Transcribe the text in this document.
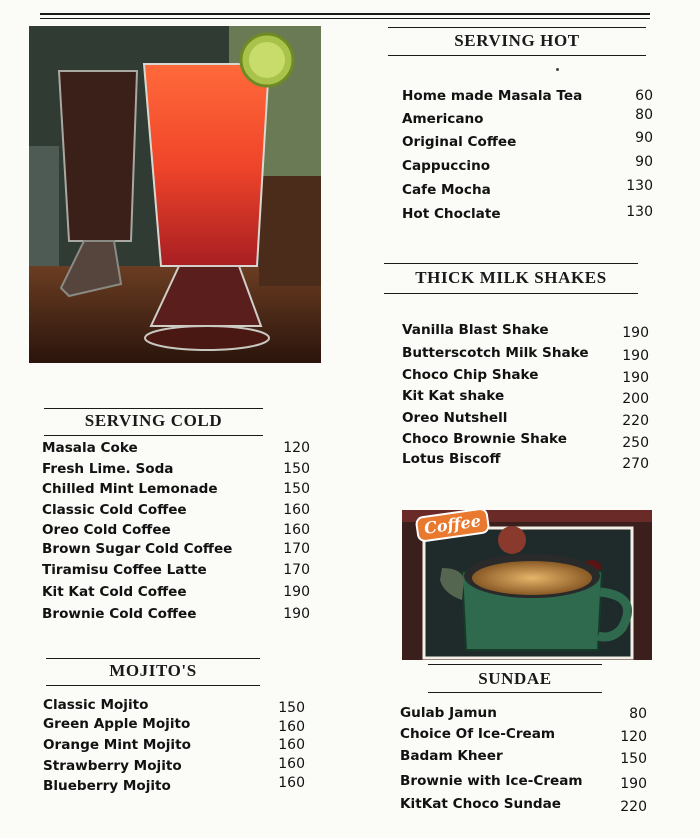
SERVING HOT
Home made Masala Tea	60
Americano	80
Original Coffee	90
Cappuccino	90
Cafe Mocha	130
Hot Choclate	130
THICK MILK SHAKES
Vanilla Blast Shake	190
Butterscotch Milk Shake 190
Choco Chip Shake	190
Kit Kat shake	200
Oreo Nutshell	220
Choco Brownie Shake	250
Lotus Biscoff	270
SERVING COLD
Masala Coke	120
Fresh Lime. Soda	150
Chilled Mint Lemonade	150
Classic Cold Coffee	160
Oreo Cold Coffee	160
Brown Sugar Cold Coffee	170
Tiramisu Coffee Latte	170
Kit Kat Cold Coffee	190
Brownie Cold Coffee	190
MOJITO'S
Classic Mojito	150
Green Apple Mojito	160
Orange Mint Mojito	160
Strawberry Mojito	160
Blueberry Mojito	160
Coffee
SUNDAE
Gulab Jamun	80
Choice Of Ice-Cream	120
Badam Kheer	150
Brownie with Ice-Cream	190
KitKat Choco Sundae	220
